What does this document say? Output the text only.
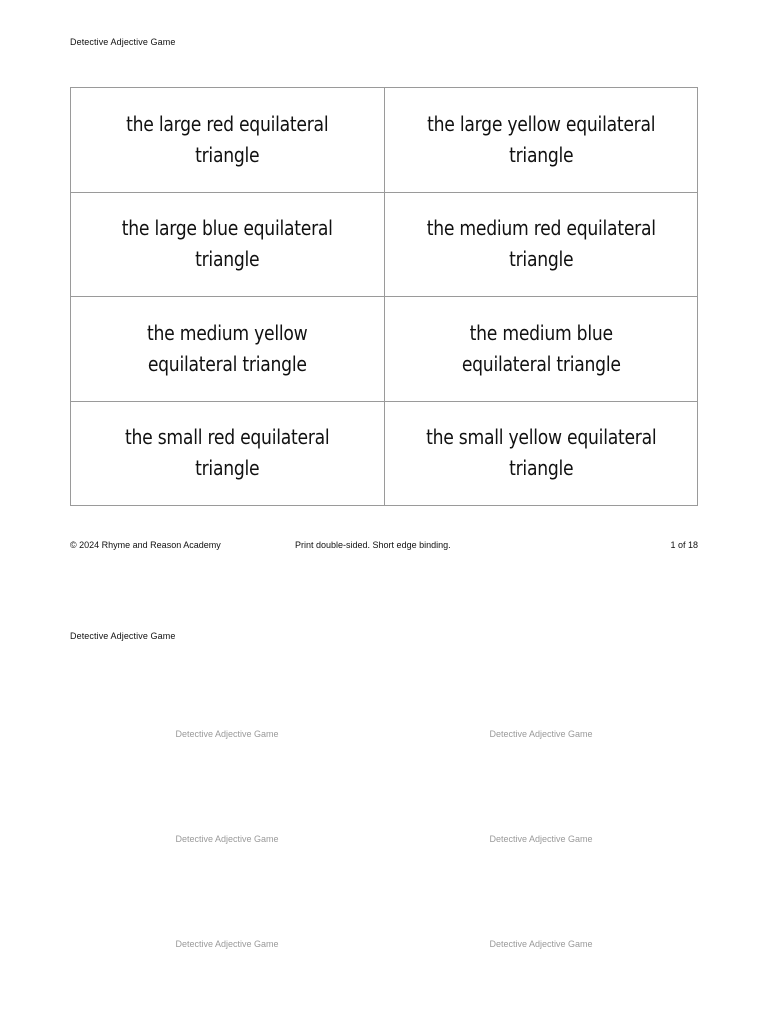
Detective Adjective Game
the large red equilateral triangle
the large yellow equilateral triangle
the large blue equilateral triangle
the medium red equilateral triangle
the medium yellow equilateral triangle
the medium blue equilateral triangle
the small red equilateral triangle
the small yellow equilateral triangle
© 2024 Rhyme and Reason Academy	Print double-sided. Short edge binding.	1 of 18
Detective Adjective Game
Detective Adjective Game	Detective Adjective Game
Detective Adjective Game	Detective Adjective Game
Detective Adjective Game	Detective Adjective Game
